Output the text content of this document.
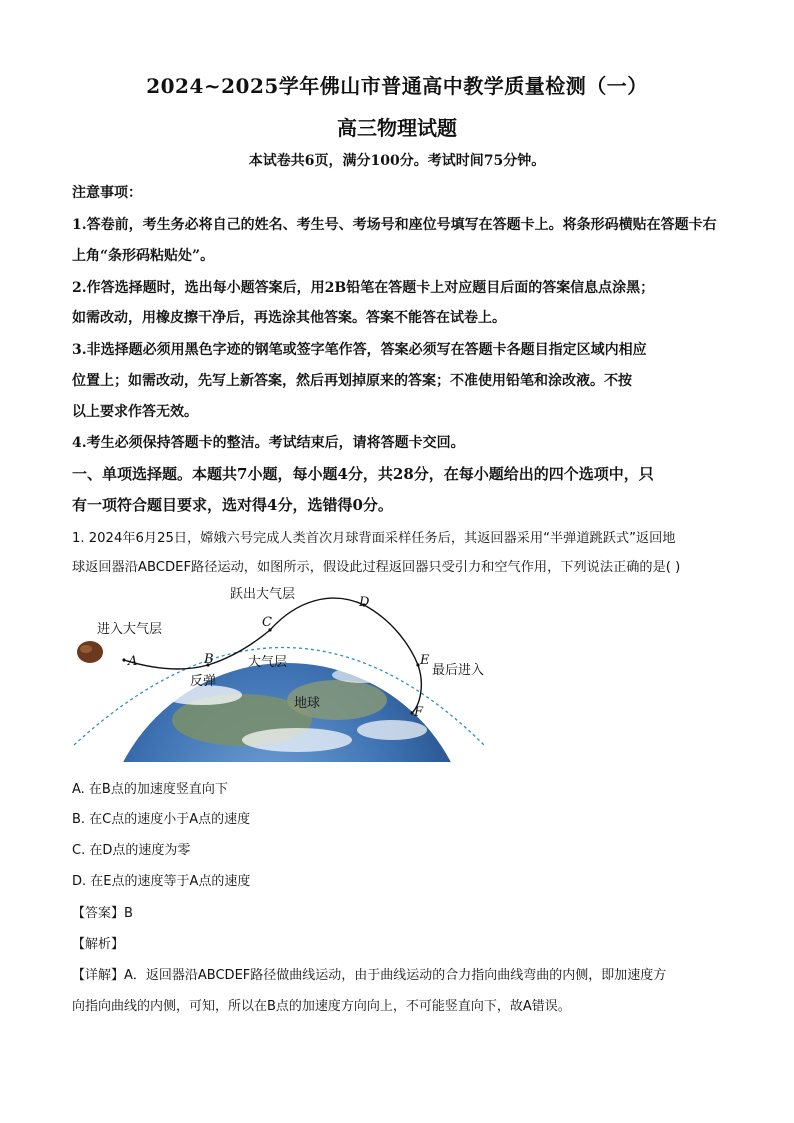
2024~2025学年佛山市普通高中教学质量检测（一）
高三物理试题
本试卷共6页，满分100分。考试时间75分钟。
注意事项：
1.答卷前，考生务必将自己的姓名、考生号、考场号和座位号填写在答题卡上。将条形码横贴在答题卡右
上角“条形码粘贴处”。
2.作答选择题时，选出每小题答案后，用2B铅笔在答题卡上对应题目后面的答案信息点涂黑；
如需改动，用橡皮擦干净后，再选涂其他答案。答案不能答在试卷上。
3.非选择题必须用黑色字迹的钢笔或签字笔作答，答案必须写在答题卡各题目指定区域内相应
位置上；如需改动，先写上新答案，然后再划掉原来的答案；不准使用铅笔和涂改液。不按
以上要求作答无效。
4.考生必须保持答题卡的整洁。考试结束后，请将答题卡交回。
一、单项选择题。本题共7小题，每小题4分，共28分，在每小题给出的四个选项中，只
有一项符合题目要求，选对得4分，选错得0分。
1. 2024年6月25日，嫦娥六号完成人类首次月球背面采样任务后，其返回器采用“半弹道跳跃式”返回地
球返回器沿ABCDEF路径运动，如图所示，假设此过程返回器只受引力和空气作用，下列说法正确的是( )
进入大气层
跃出大气层
反弹
大气层
最后进入
地球
A	B
C
D
E
F
A. 在B点的加速度竖直向下
B. 在C点的速度小于A点的速度
C. 在D点的速度为零
D. 在E点的速度等于A点的速度
【答案】B
【解析】
【详解】A．返回器沿ABCDEF路径做曲线运动，由于曲线运动的合力指向曲线弯曲的内侧，即加速度方
向指向曲线的内侧，可知，所以在B点的加速度方向向上，不可能竖直向下，故A错误。
